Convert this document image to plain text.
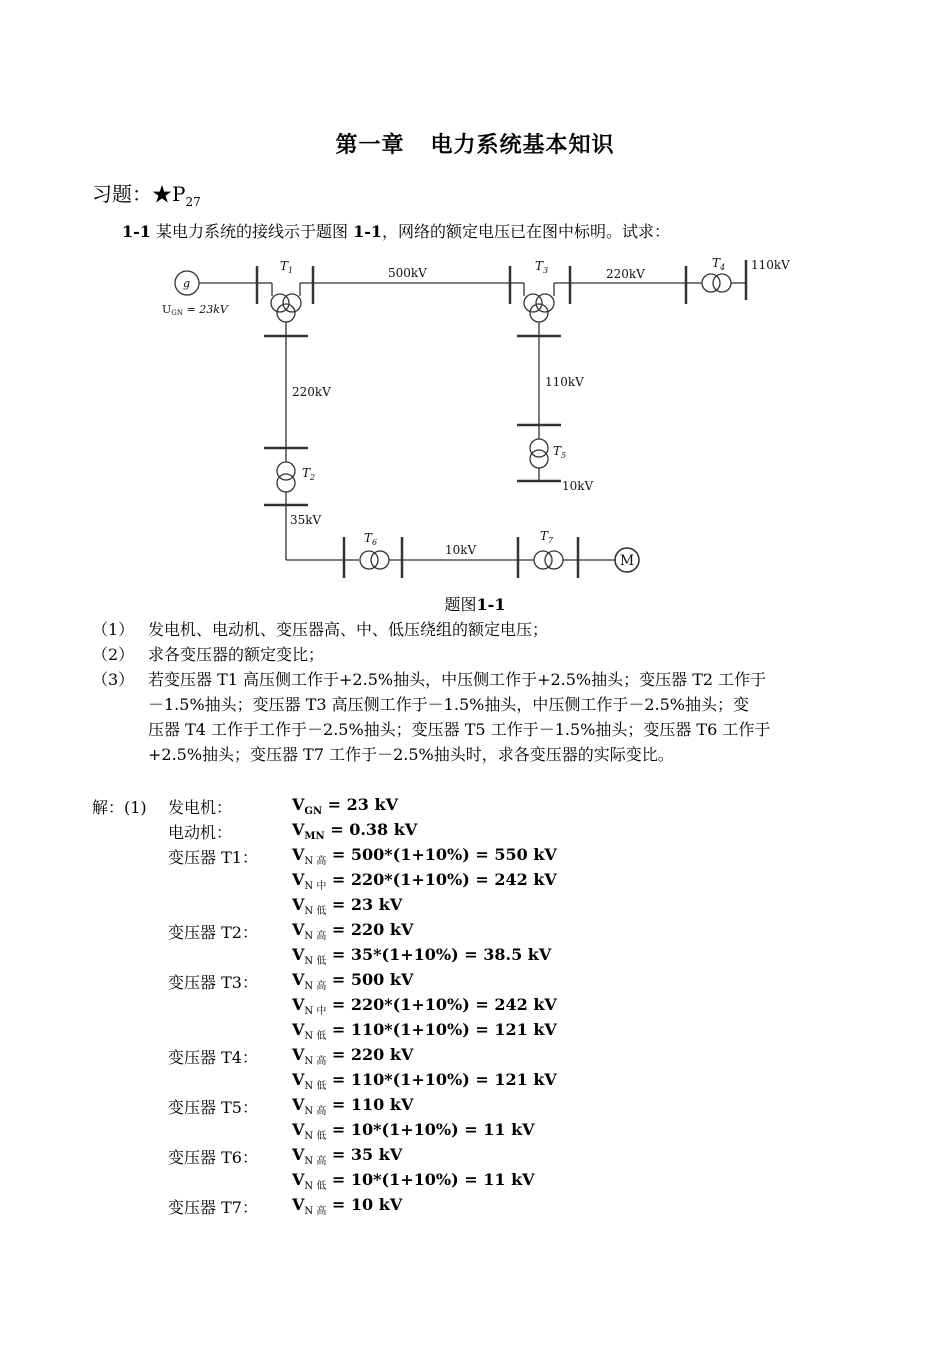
第一章 电力系统基本知识
习题：$★P_{27}$
1-1 某电力系统的接线示于题图 1-1，网络的额定电压已在图中标明。试求：
g
UGN = 23kV
$T_1$	$T_3$
$T_4$
$T_2$
$T_5$
$T_6$	$T_7$
500kV	220kV
110kV
220kV
110kV
10kV
35kV
10kV
M
题图1-1
（1） 发电机、电动机、变压器高、中、低压绕组的额定电压；
（2） 求各变压器的额定变比；
（3） 若变压器 T1 高压侧工作于+2.5%抽头，中压侧工作于+2.5%抽头；变压器 T2 工作于
－1.5%抽头；变压器 T3 高压侧工作于－1.5%抽头，中压侧工作于－2.5%抽头；变
压器 T4 工作于工作于－2.5%抽头；变压器 T5 工作于－1.5%抽头；变压器 T6 工作于
+2.5%抽头；变压器 T7 工作于－2.5%抽头时，求各变压器的实际变比。
解：(1) 发电机：	$V_{GN} = 23$ kV
电动机：	$V_{MN} = 0.38$ kV
变压器 T1： $V_{N 高} = 500*(1+10\%) = 550$ kV
$V_{N 中} = 220*(1+10\%) = 242$ kV
$V_{N 低} = 23$ kV
变压器 T2： $V_{N 高} = 220$ kV
$V_{N 低} = 35*(1+10\%) = 38.5$ kV
变压器 T3： $V_{N 高} = 500$ kV
$V_{N 中} = 220*(1+10\%) = 242$ kV
$V_{N 低} = 110*(1+10\%) = 121$ kV
变压器 T4： $V_{N 高} = 220$ kV
$V_{N 低} = 110*(1+10\%) = 121$ kV
变压器 T5： $V_{N 高} = 110$ kV
$V_{N 低} = 10*(1+10\%) = 11$ kV
变压器 T6： $V_{N 高} = 35$ kV
$V_{N 低} = 10*(1+10\%) = 11$ kV
变压器 T7： $V_{N 高} = 10$ kV
